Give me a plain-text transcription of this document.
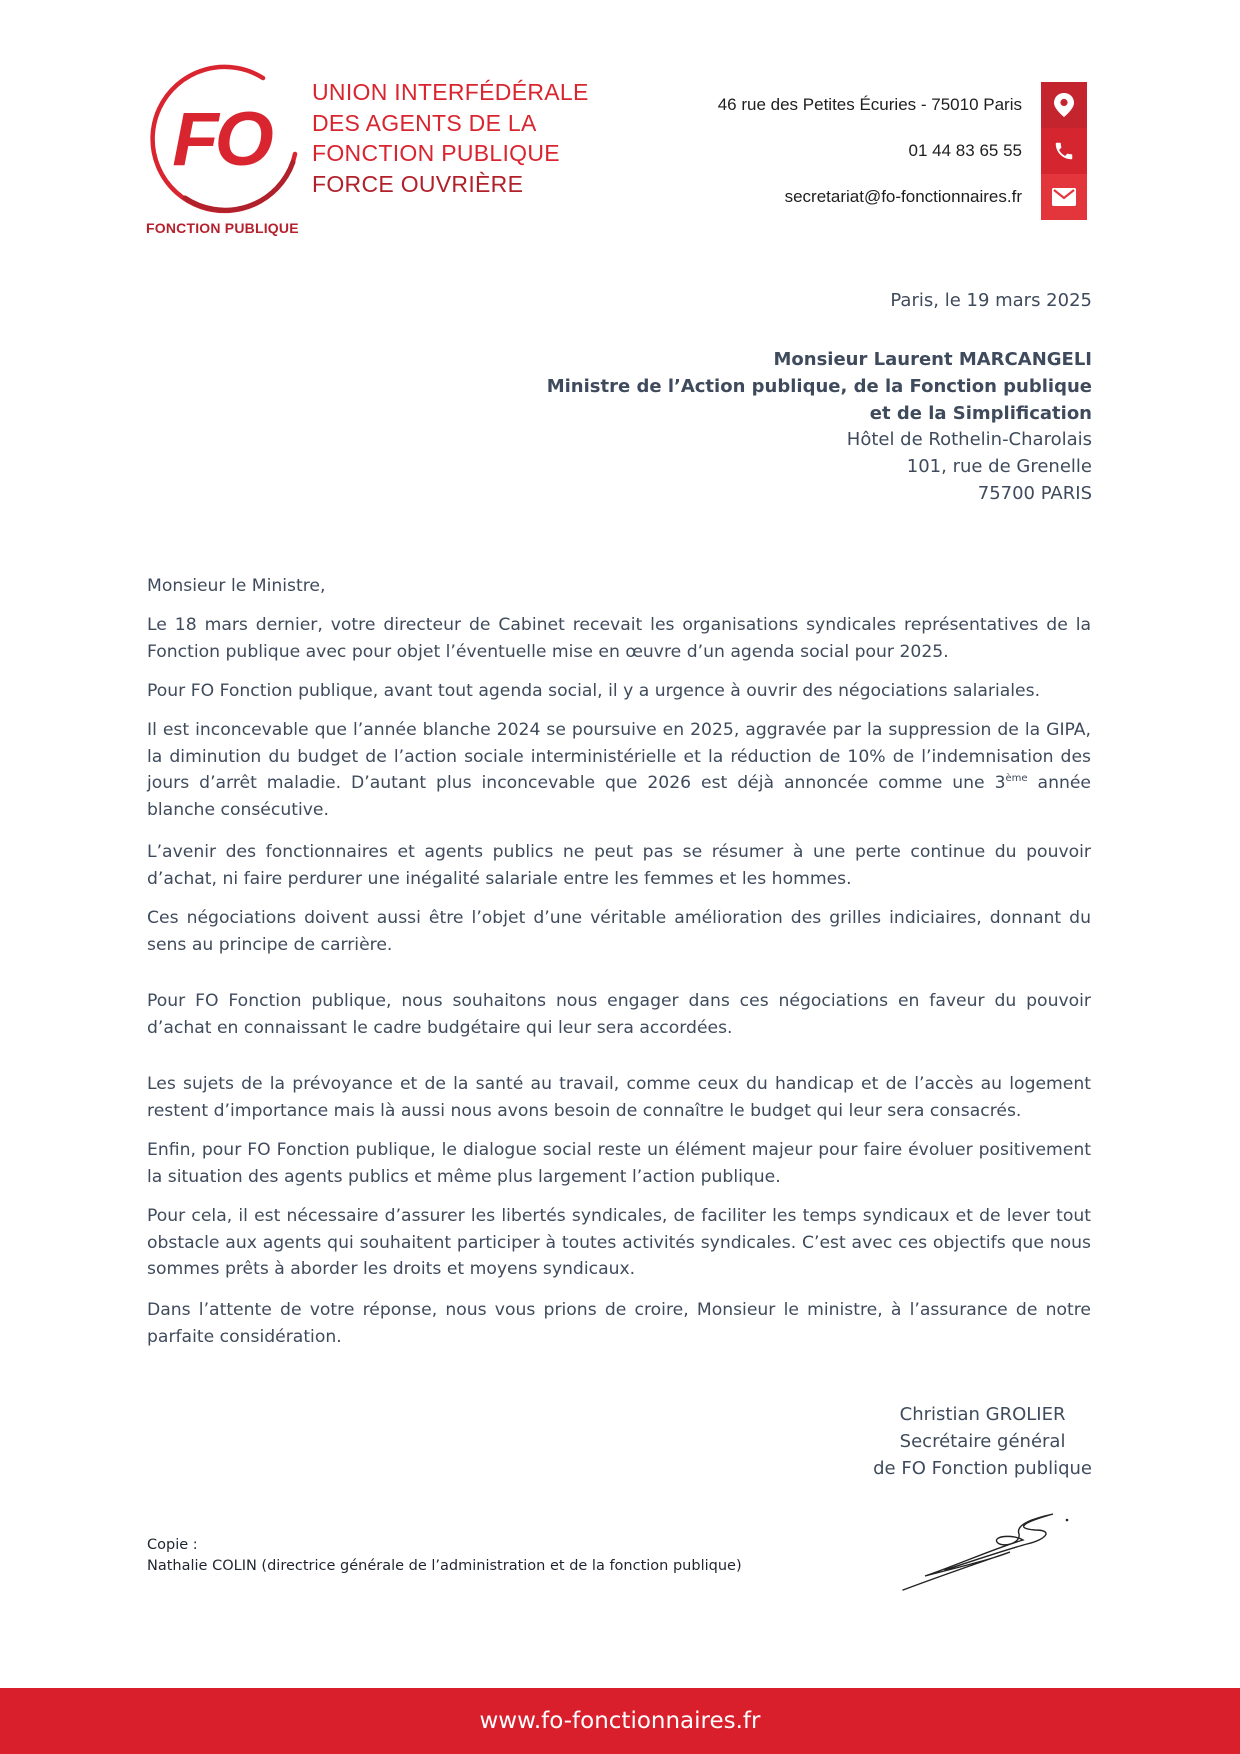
FO
FONCTION PUBLIQUE
UNION INTERFÉDÉRALE
DES AGENTS DE LA
FONCTION PUBLIQUE
FORCE OUVRIÈRE
46 rue des Petites Écuries - 75010 Paris
01 44 83 65 55
secretariat@fo-fonctionnaires.fr
Paris, le 19 mars 2025
Monsieur Laurent MARCANGELI
Ministre de l’Action publique, de la Fonction publique
et de la Simplification
Hôtel de Rothelin-Charolais
101, rue de Grenelle
75700 PARIS

Monsieur le Ministre,

Le 18 mars dernier, votre directeur de Cabinet recevait les organisations syndicales représentatives de la Fonction publique avec pour objet l’éventuelle mise en œuvre d’un agenda social pour 2025.

Pour FO Fonction publique, avant tout agenda social, il y a urgence à ouvrir des négociations salariales.

Il est inconcevable que l’année blanche 2024 se poursuive en 2025, aggravée par la suppression de la GIPA, la diminution du budget de l’action sociale interministérielle et la réduction de 10% de l’indemnisation des jours d’arrêt maladie. D’autant plus inconcevable que 2026 est déjà annoncée comme une 3ème année blanche consécutive.

L’avenir des fonctionnaires et agents publics ne peut pas se résumer à une perte continue du pouvoir d’achat, ni faire perdurer une inégalité salariale entre les femmes et les hommes.

Ces négociations doivent aussi être l’objet d’une véritable amélioration des grilles indiciaires, donnant du sens au principe de carrière.

Pour FO Fonction publique, nous souhaitons nous engager dans ces négociations en faveur du pouvoir d’achat en connaissant le cadre budgétaire qui leur sera accordées.

Les sujets de la prévoyance et de la santé au travail, comme ceux du handicap et de l’accès au logement restent d’importance mais là aussi nous avons besoin de connaître le budget qui leur sera consacrés.

Enfin, pour FO Fonction publique, le dialogue social reste un élément majeur pour faire évoluer positivement la situation des agents publics et même plus largement l’action publique.

Pour cela, il est nécessaire d’assurer les libertés syndicales, de faciliter les temps syndicaux et de lever tout obstacle aux agents qui souhaitent participer à toutes activités syndicales. C’est avec ces objectifs que nous sommes prêts à aborder les droits et moyens syndicaux.

Dans l’attente de votre réponse, nous vous prions de croire, Monsieur le ministre, à l’assurance de notre parfaite considération.

Christian GROLIER
Secrétaire général
de FO Fonction publique
Copie :
Nathalie COLIN (directrice générale de l’administration et de la fonction publique)
www.fo-fonctionnaires.fr
